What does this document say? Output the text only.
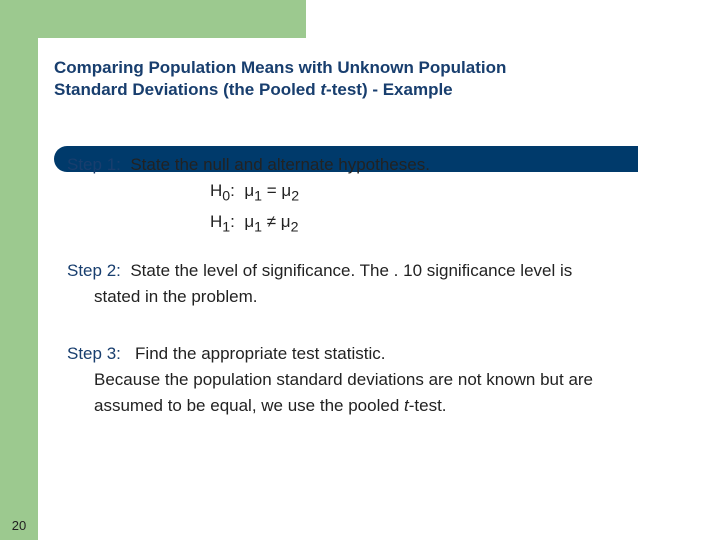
Comparing Population Means with Unknown Population
Standard Deviations (the Pooled t-test) - Example
Step 1: State the null and alternate hypotheses.
$H_0$: $\mu_1 = \mu_2$
$H_1$: $\mu_1 \ne \mu_2$
Step 2: State the level of significance. The . 10 significance level is
stated in the problem.
Step 3: Find the appropriate test statistic.
Because the population standard deviations are not known but are
assumed to be equal, we use the pooled t-test.
20
